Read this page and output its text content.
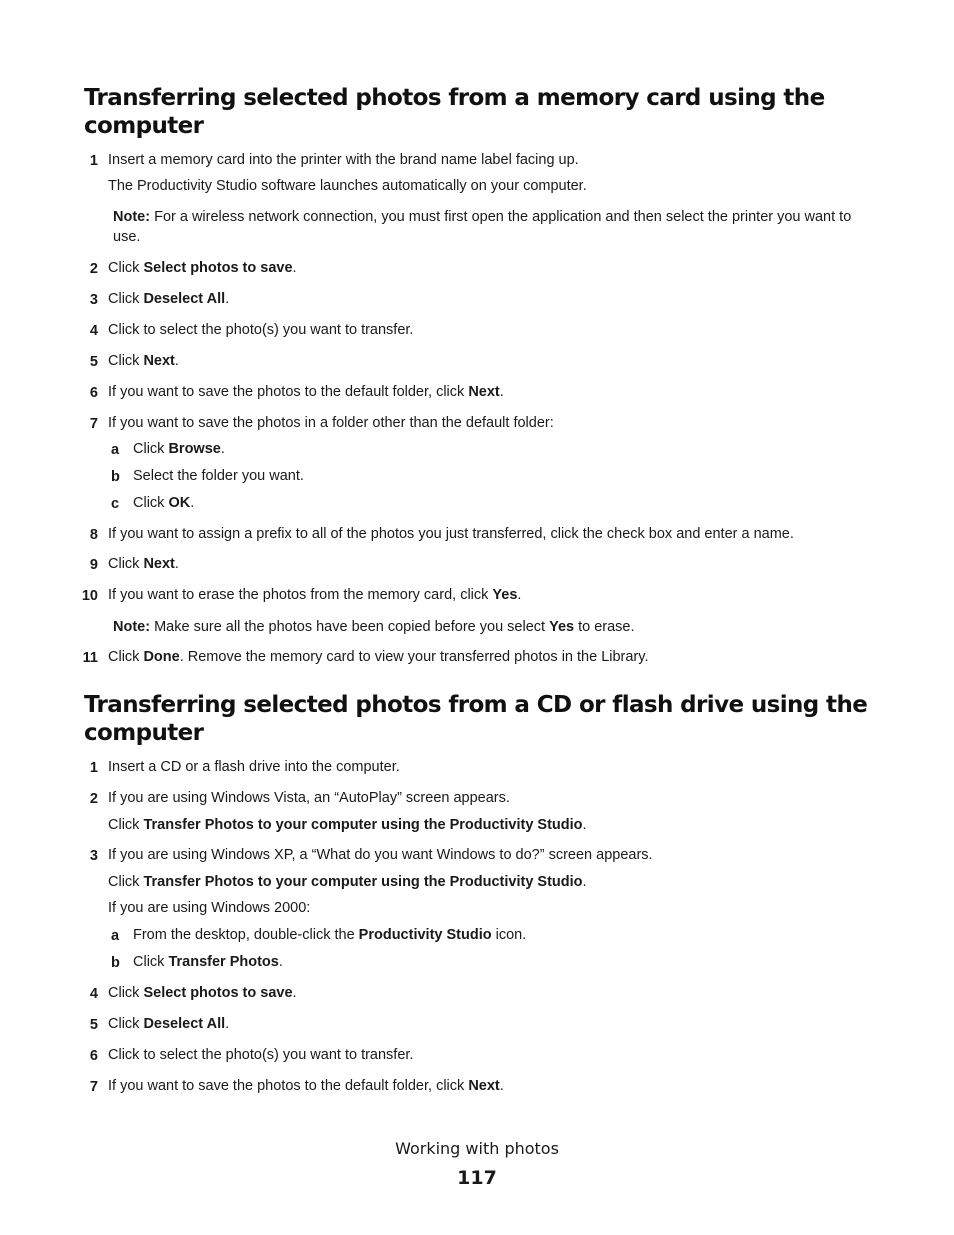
Transferring selected photos from a memory card using the computer
1 Insert a memory card into the printer with the brand name label facing up.
The Productivity Studio software launches automatically on your computer.
Note: For a wireless network connection, you must first open the application and then select the printer you want to use.
2 Click Select photos to save.
3 Click Deselect All.
4 Click to select the photo(s) you want to transfer.
5 Click Next.
6 If you want to save the photos to the default folder, click Next.
7 If you want to save the photos in a folder other than the default folder:
a Click Browse.
b Select the folder you want.
c Click OK.
8 If you want to assign a prefix to all of the photos you just transferred, click the check box and enter a name.
9 Click Next.
10 If you want to erase the photos from the memory card, click Yes.
Note: Make sure all the photos have been copied before you select Yes to erase.
11 Click Done. Remove the memory card to view your transferred photos in the Library.
Transferring selected photos from a CD or flash drive using the computer
1 Insert a CD or a flash drive into the computer.
2 If you are using Windows Vista, an “AutoPlay” screen appears.
Click Transfer Photos to your computer using the Productivity Studio.
3 If you are using Windows XP, a “What do you want Windows to do?” screen appears.
Click Transfer Photos to your computer using the Productivity Studio.
If you are using Windows 2000:
a From the desktop, double-click the Productivity Studio icon.
b Click Transfer Photos.
4 Click Select photos to save.
5 Click Deselect All.
6 Click to select the photo(s) you want to transfer.
7 If you want to save the photos to the default folder, click Next.
Working with photos
117
